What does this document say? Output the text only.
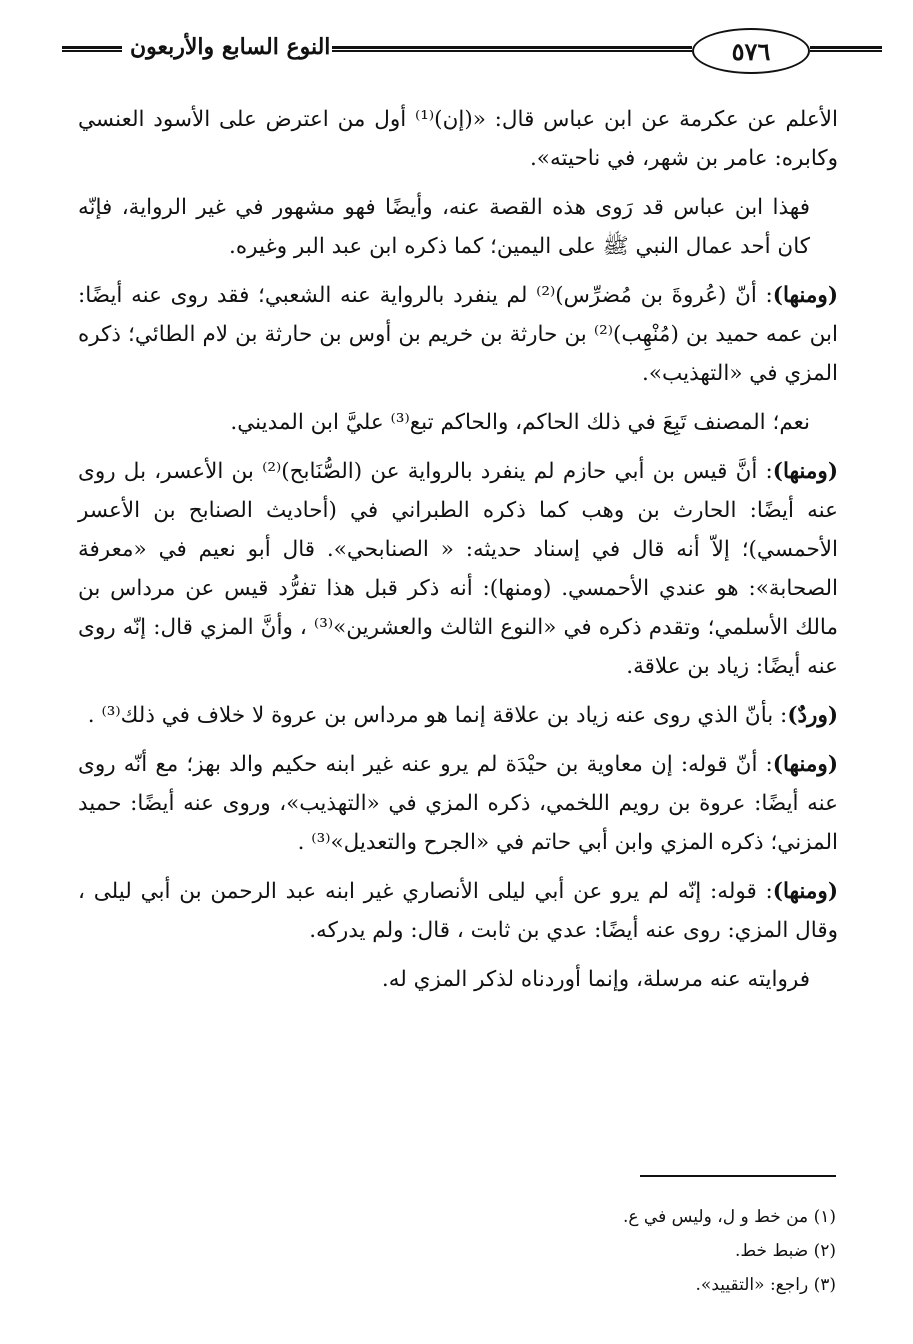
النوع السابع والأربعون	٥٧٦

الأعلم عن عكرمة عن ابن عباس قال: «(إن)⁽¹⁾ أول من اعترض على الأسود العنسي وكابره: عامر بن شهر، في ناحيته».

فهذا ابن عباس قد رَوى هذه القصة عنه، وأيضًا فهو مشهور في غير الرواية، فإنّه كان أحد عمال النبي ﷺ على اليمين؛ كما ذكره ابن عبد البر وغيره.

(ومنها): أنّ (عُروةَ بن مُضرِّس)⁽²⁾ لم ينفرد بالرواية عنه الشعبي؛ فقد روى عنه أيضًا: ابن عمه حميد بن (مُنْهِب)⁽²⁾ بن حارثة بن خريم بن أوس بن حارثة بن لام الطائي؛ ذكره المزي في «التهذيب».

نعم؛ المصنف تَبِعَ في ذلك الحاكم، والحاكم تبع⁽³⁾ عليَّ ابن المديني.

(ومنها): أنَّ قيس بن أبي حازم لم ينفرد بالرواية عن (الصُّنَابح)⁽²⁾ بن الأعسر، بل روى عنه أيضًا: الحارث بن وهب كما ذكره الطبراني في (أحاديث الصنابح بن الأعسر الأحمسي)؛ إلاّ أنه قال في إسناد حديثه: « الصنابحي». قال أبو نعيم في «معرفة الصحابة»: هو عندي الأحمسي. (ومنها): أنه ذكر قبل هذا تفرُّد قيس عن مرداس بن مالك الأسلمي؛ وتقدم ذكره في «النوع الثالث والعشرين»⁽³⁾ ، وأنَّ المزي قال: إنّه روى عنه أيضًا: زياد بن علاقة.

(وردٌ): بأنّ الذي روى عنه زياد بن علاقة إنما هو مرداس بن عروة لا خلاف في ذلك⁽³⁾ .

(ومنها): أنّ قوله: إن معاوية بن حيْدَة لم يرو عنه غير ابنه حكيم والد بهز؛ مع أنّه روى عنه أيضًا: عروة بن رويم اللخمي، ذكره المزي في «التهذيب»، وروى عنه أيضًا: حميد المزني؛ ذكره المزي وابن أبي حاتم في «الجرح والتعديل»⁽³⁾ .

(ومنها): قوله: إنّه لم يرو عن أبي ليلى الأنصاري غير ابنه عبد الرحمن بن أبي ليلى ، وقال المزي: روى عنه أيضًا: عدي بن ثابت ، قال: ولم يدركه.

فروايته عنه مرسلة، وإنما أوردناه لذكر المزي له.

(١) من خط و ل، وليس في ع.

(٢) ضبط خط.

(٣) راجع: «التقييد».
